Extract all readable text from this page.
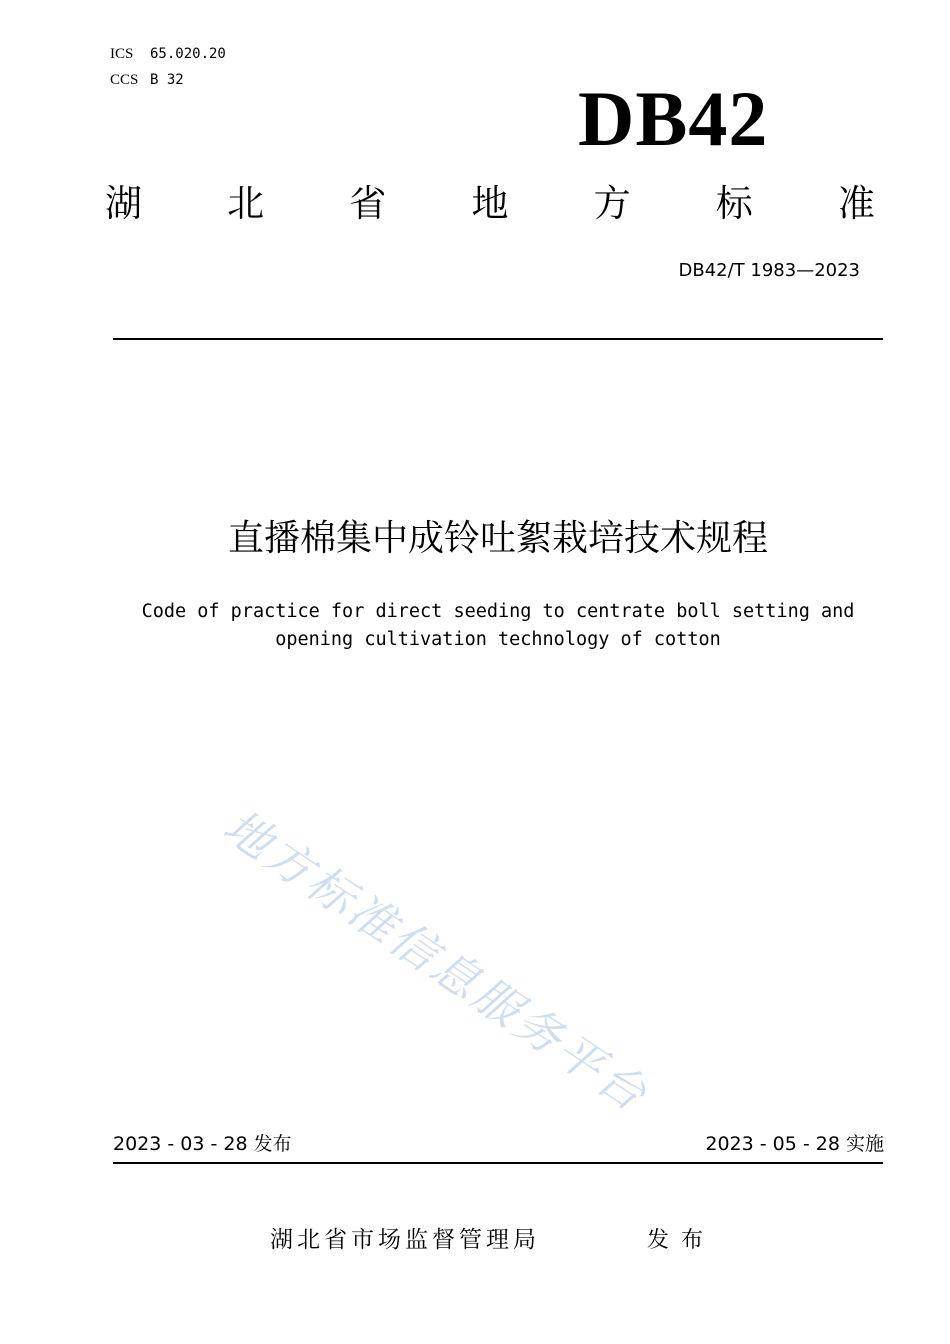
ICS 65.020.20
CCS B 32	DB42
湖 北 省 地 方 标 准
DB42/T 1983—2023
直播棉集中成铃吐絮栽培技术规程
Code of practice for direct seeding to centrate boll setting and
opening cultivation technology of cotton
地方标准信息服务平台
2023 - 03 - 28 发布	2023 - 05 - 28 实施
湖北省市场监督管理局	发布
